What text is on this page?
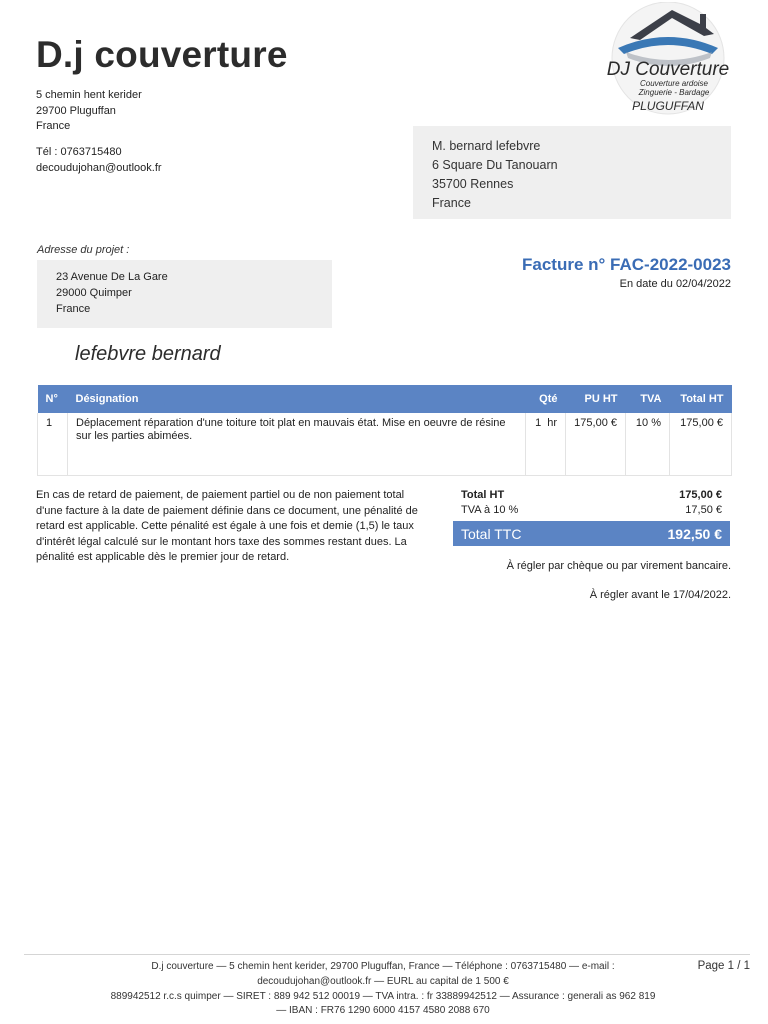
D.j couverture
5 chemin hent kerider
29700 Pluguffan
France
Tél : 0763715480
decoudujohan@outlook.fr
DJ Couverture
Couverture ardoise
Zinguerie - Bardage
PLUGUFFAN
M. bernard lefebvre
6 Square Du Tanouarn
35700 Rennes
France
Adresse du projet :
23 Avenue De La Gare
29000 Quimper
France
Facture n° FAC-2022-0023
En date du 02/04/2022
lefebvre bernard
N°	Désignation	Qté	PU HT	TVA	Total HT
1	Déplacement réparation d'une toiture toit plat en mauvais état. Mise en oeuvre de résine sur les parties abimées.	1 hr	175,00 €	10 %	175,00 €
En cas de retard de paiement, de paiement partiel ou de non paiement total d'une facture à la date de paiement définie dans ce document, une pénalité de retard est applicable. Cette pénalité est égale à une fois et demie (1,5) le taux d'intérêt légal calculé sur le montant hors taxe des sommes restant dues. La pénalité est applicable dès le premier jour de retard.
Total HT	175,00 €
TVA à 10 %	17,50 €
Total TTC	192,50 €
À régler par chèque ou par virement bancaire.
À régler avant le 17/04/2022.
D.j couverture — 5 chemin hent kerider, 29700 Pluguffan, France — Téléphone : 0763715480 — e-mail :
decoudujohan@outlook.fr — EURL au capital de 1 500 €
889942512 r.c.s quimper — SIRET : 889 942 512 00019 — TVA intra. : fr 33889942512 — Assurance : generali as 962 819
— IBAN : FR76 1290 6000 4157 4580 2088 670
Page 1 / 1
